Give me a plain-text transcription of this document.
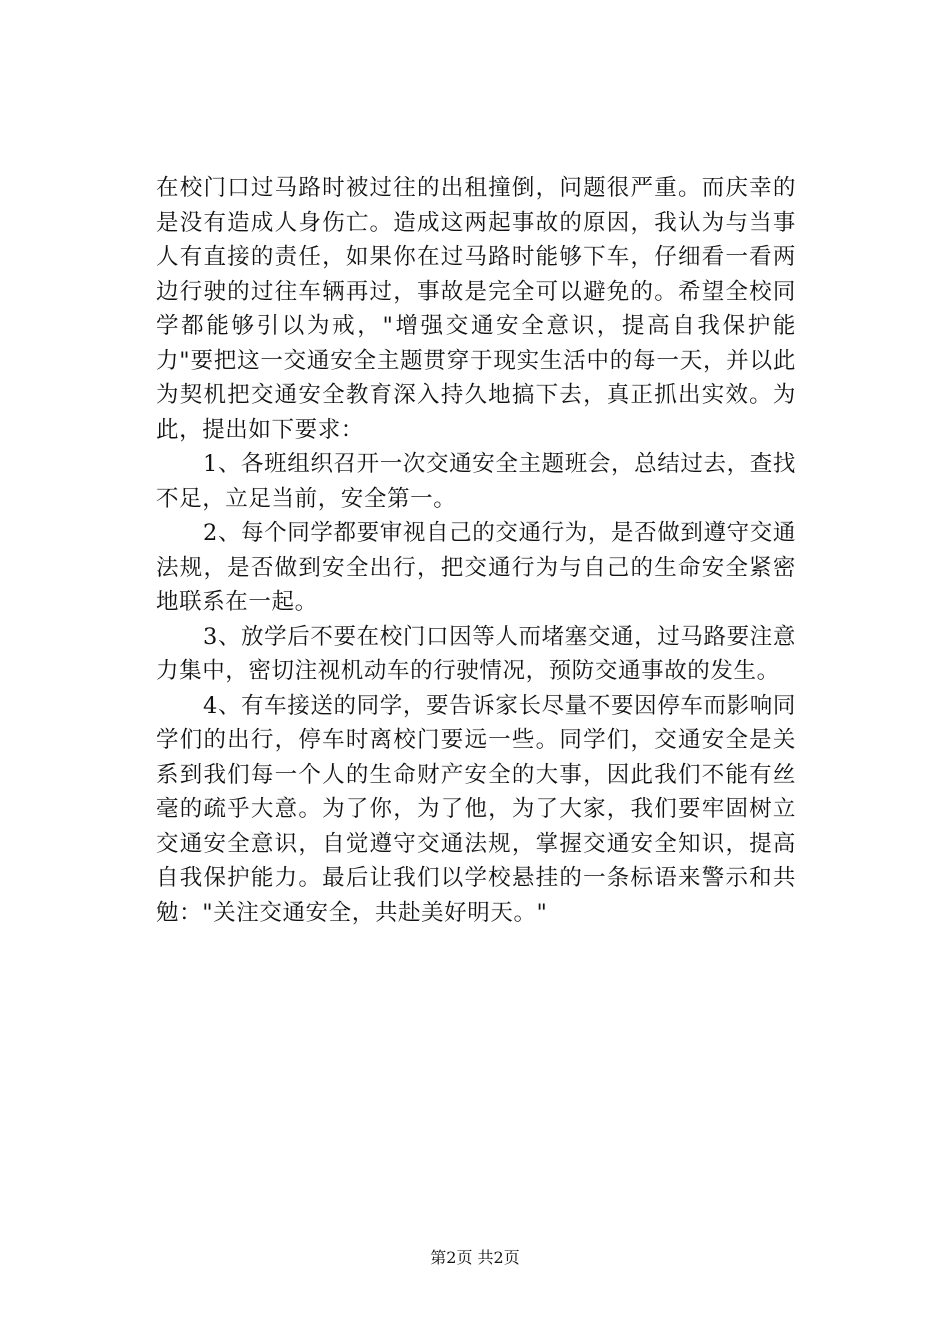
在校门口过马路时被过往的出租撞倒，问题很严重。而庆幸的是没有造成人身伤亡。造成这两起事故的原因，我认为与当事人有直接的责任，如果你在过马路时能够下车，仔细看一看两边行驶的过往车辆再过，事故是完全可以避免的。希望全校同学都能够引以为戒，"增强交通安全意识，提高自我保护能力"要把这一交通安全主题贯穿于现实生活中的每一天，并以此为契机把交通安全教育深入持久地搞下去，真正抓出实效。为此，提出如下要求：

1、各班组织召开一次交通安全主题班会，总结过去，查找不足，立足当前，安全第一。

2、每个同学都要审视自己的交通行为，是否做到遵守交通法规，是否做到安全出行，把交通行为与自己的生命安全紧密地联系在一起。

3、放学后不要在校门口因等人而堵塞交通，过马路要注意力集中，密切注视机动车的行驶情况，预防交通事故的发生。

4、有车接送的同学，要告诉家长尽量不要因停车而影响同学们的出行，停车时离校门要远一些。同学们，交通安全是关系到我们每一个人的生命财产安全的大事，因此我们不能有丝毫的疏乎大意。为了你，为了他，为了大家，我们要牢固树立交通安全意识，自觉遵守交通法规，掌握交通安全知识，提高自我保护能力。最后让我们以学校悬挂的一条标语来警示和共勉："关注交通安全，共赴美好明天。"

第2页 共2页
